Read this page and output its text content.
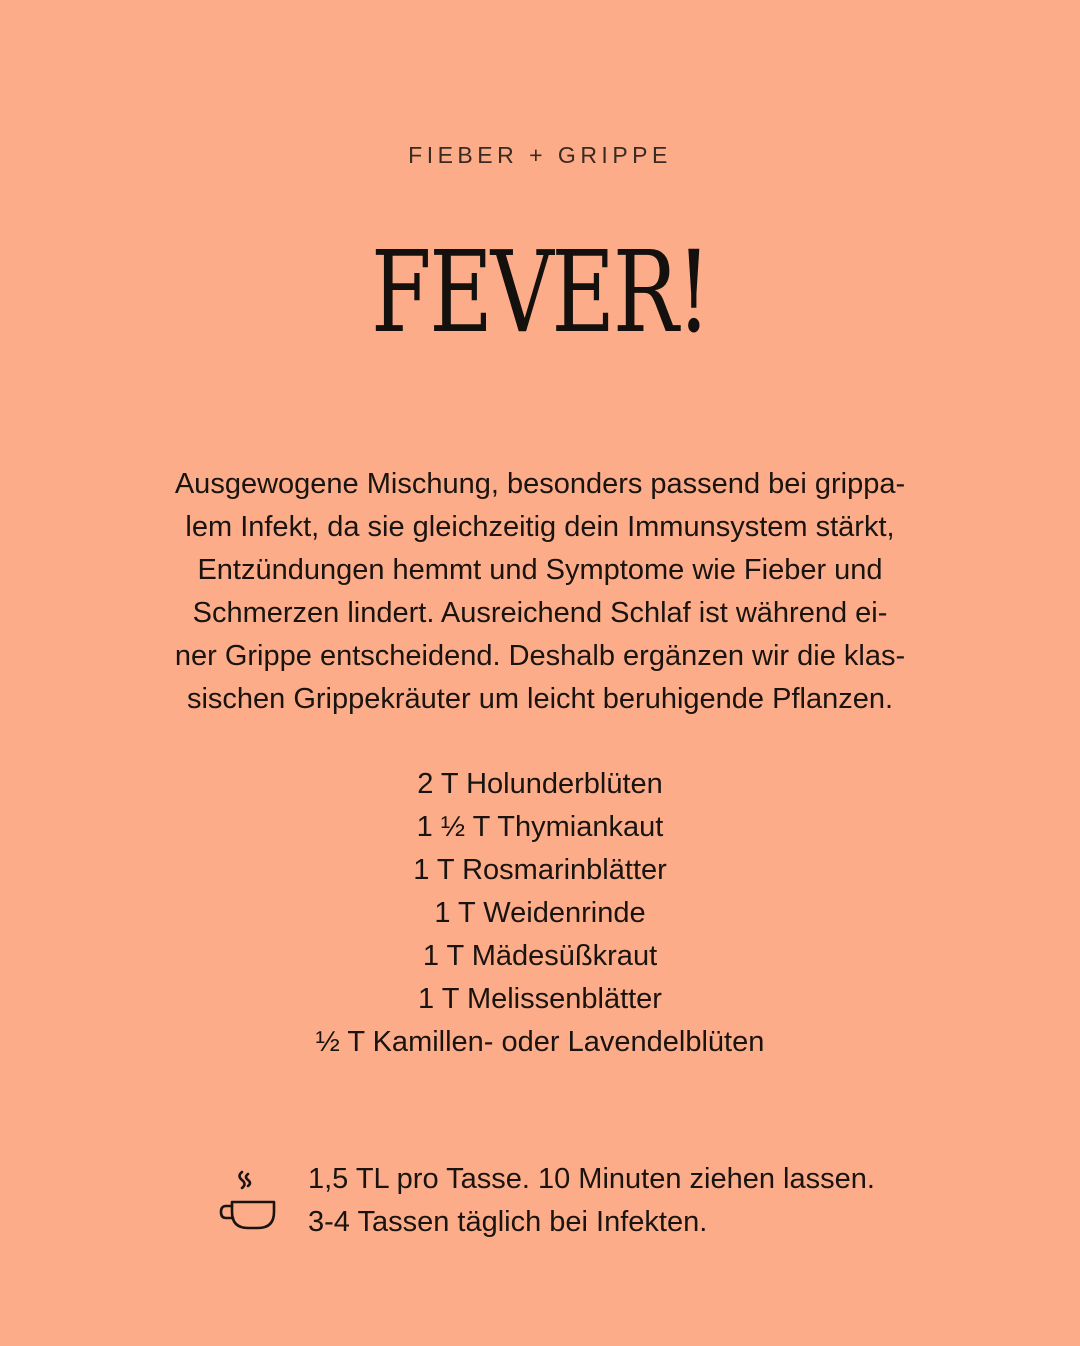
FIEBER + GRIPPE
FEVER!
Ausgewogene Mischung, besonders passend bei grippa-
lem Infekt, da sie gleichzeitig dein Immunsystem stärkt,
Entzündungen hemmt und Symptome wie Fieber und
Schmerzen lindert. Ausreichend Schlaf ist während ei-
ner Grippe entscheidend. Deshalb ergänzen wir die klas-
sischen Grippekräuter um leicht beruhigende Pflanzen.
2 T Holunderblüten
1 ½ T Thymiankaut
1 T Rosmarinblätter
1 T Weidenrinde
1 T Mädesüßkraut
1 T Melissenblätter
½ T Kamillen- oder Lavendelblüten
1,5 TL pro Tasse. 10 Minuten ziehen lassen.
3-4 Tassen täglich bei Infekten.
